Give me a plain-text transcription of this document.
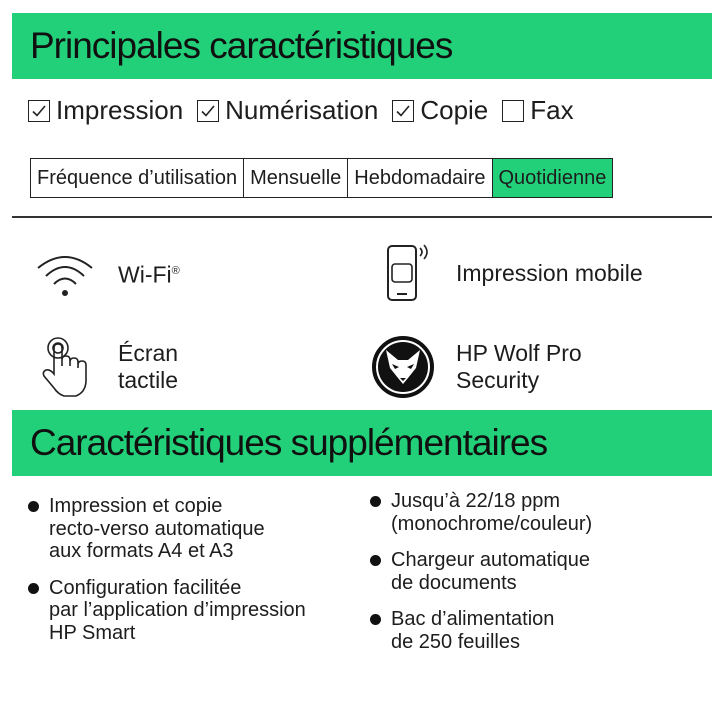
Principales caractéristiques
Impression Numérisation Copie Fax
Fréquence d’utilisation Mensuelle Hebdomadaire Quotidienne
Wi-Fi®	Impression mobile
Écran
tactile
HP Wolf Pro
Security
Caractéristiques supplémentaires
Impression et copie
recto-verso automatique
aux formats A4 et A3
Configuration facilitée
par l’application d’impression
HP Smart
Jusqu’à 22/18 ppm
(monochrome/couleur)
Chargeur automatique
de documents
Bac d’alimentation
de 250 feuilles
